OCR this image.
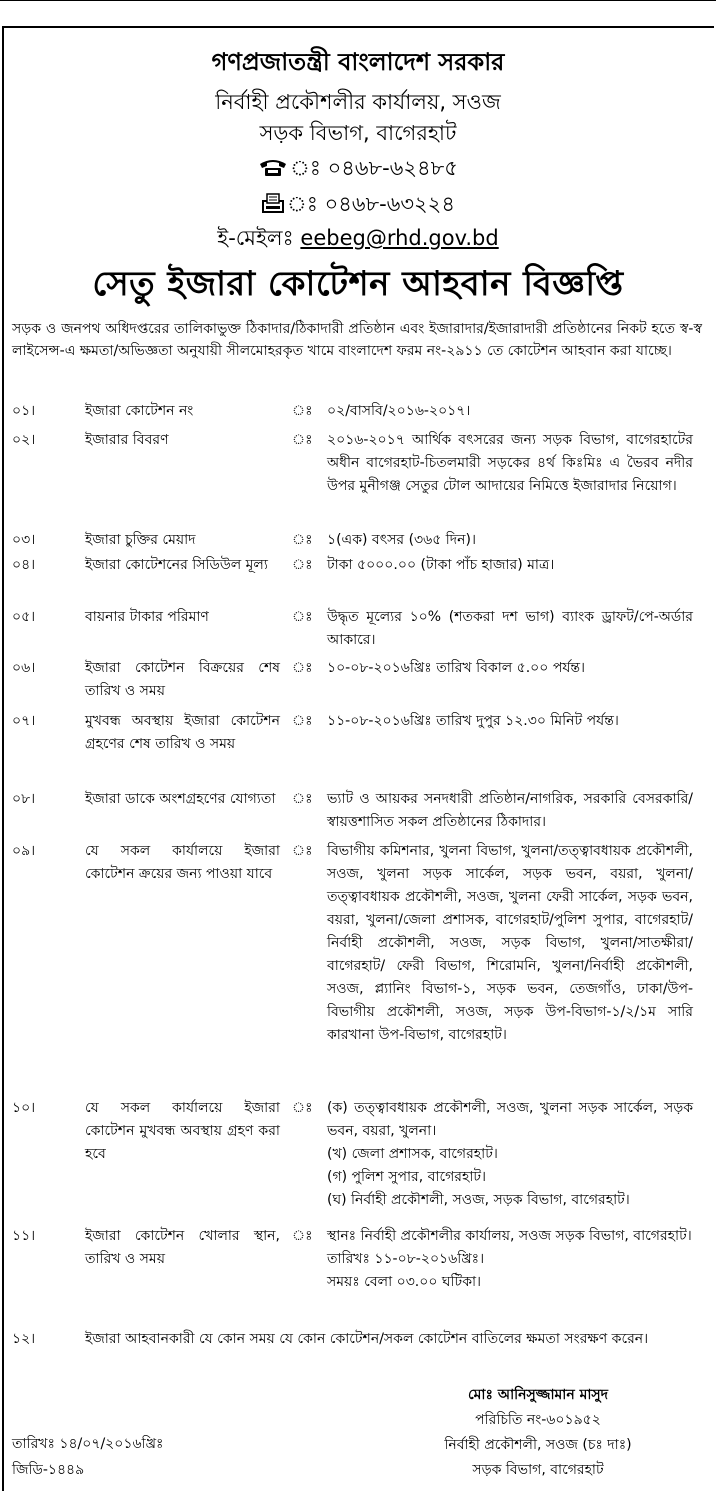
গণপ্রজাতন্ত্রী বাংলাদেশ সরকার
নির্বাহী প্রকৌশলীর কার্যালয়, সওজ
সড়ক বিভাগ, বাগেরহাট
ঃ ০৪৬৮-৬২৪৮৫
ঃ ০৪৬৮-৬৩২২৪
ই-মেইলঃ eebeg@rhd.gov.bd
সেতু ইজারা কোটেশন আহবান বিজ্ঞপ্তি
সড়ক ও জনপথ অধিদপ্তরের তালিকাভুক্ত ঠিকাদার/ঠিকাদারী প্রতিষ্ঠান এবং ইজারাদার/ইজারাদারী প্রতিষ্ঠানের নিকট হতে স্ব-স্ব লাইসেন্স-এ ক্ষমতা/অভিজ্ঞতা অনুযায়ী সীলমোহরকৃত খামে বাংলাদেশ ফরম নং-২৯১১ তে কোটেশন আহবান করা যাচ্ছে।
০১।	ইজারা কোটেশন নং	ঃ ০২/বাসবি/২০১৬-২০১৭।
০২।	ইজারার বিবরণ	ঃ ২০১৬-২০১৭ আর্থিক বৎসরের জন্য সড়ক বিভাগ, বাগেরহাটের অধীন বাগেরহাট-চিতলমারী সড়কের ৪র্থ কিঃমিঃ এ ভৈরব নদীর উপর মুনীগঞ্জ সেতুর টোল আদায়ের নিমিত্তে ইজারাদার নিয়োগ।
০৩।	ইজারা চুক্তির মেয়াদ	ঃ ১(এক) বৎসর (৩৬৫ দিন)।
০৪।	ইজারা কোটেশনের সিডিউল মূল্য	ঃ টাকা ৫০০০.০০ (টাকা পাঁচ হাজার) মাত্র।
০৫।	বায়নার টাকার পরিমাণ	ঃ উদ্ধৃত মূল্যের ১০% (শতকরা দশ ভাগ) ব্যাংক ড্রাফট/পে-অর্ডার আকারে।
০৬।	ইজারা কোটেশন বিক্রয়ের শেষ তারিখ ও সময়
ঃ ১০-০৮-২০১৬খ্রিঃ তারিখ বিকাল ৫.০০ পর্যন্ত।
০৭।	মুখবন্ধ অবস্থায় ইজারা কোটেশন গ্রহণের শেষ তারিখ ও সময়
ঃ ১১-০৮-২০১৬খ্রিঃ তারিখ দুপুর ১২.৩০ মিনিট পর্যন্ত।
০৮।	ইজারা ডাকে অংশগ্রহণের যোগ্যতা	ঃ ভ্যাট ও আয়কর সনদধারী প্রতিষ্ঠান/নাগরিক, সরকারি বেসরকারি/স্বায়ত্তশাসিত সকল প্রতিষ্ঠানের ঠিকাদার।
০৯।	যে সকল কার্যালয়ে ইজারা কোটেশন ক্রয়ের জন্য পাওয়া যাবে
ঃ বিভাগীয় কমিশনার, খুলনা বিভাগ, খুলনা/তত্ত্বাবধায়ক প্রকৌশলী, সওজ, খুলনা সড়ক সার্কেল, সড়ক ভবন, বয়রা, খুলনা/তত্ত্বাবধায়ক প্রকৌশলী, সওজ, খুলনা ফেরী সার্কেল, সড়ক ভবন, বয়রা, খুলনা/জেলা প্রশাসক, বাগেরহাট/পুলিশ সুপার, বাগেরহাট/নির্বাহী প্রকৌশলী, সওজ, সড়ক বিভাগ, খুলনা/সাতক্ষীরা/বাগেরহাট/ ফেরী বিভাগ, শিরোমনি, খুলনা/নির্বাহী প্রকৌশলী, সওজ, প্ল্যানিং বিভাগ-১, সড়ক ভবন, তেজগাঁও, ঢাকা/উপ-বিভাগীয় প্রকৌশলী, সওজ, সড়ক উপ-বিভাগ-১/২/১ম সারি কারখানা উপ-বিভাগ, বাগেরহাট।
১০।	যে সকল কার্যালয়ে ইজারা কোটেশন মুখবন্ধ অবস্থায় গ্রহণ করা হবে
ঃ (ক) তত্ত্বাবধায়ক প্রকৌশলী, সওজ, খুলনা সড়ক সার্কেল, সড়ক ভবন, বয়রা, খুলনা।
(খ) জেলা প্রশাসক, বাগেরহাট।
(গ) পুলিশ সুপার, বাগেরহাট।
(ঘ) নির্বাহী প্রকৌশলী, সওজ, সড়ক বিভাগ, বাগেরহাট।
১১।	ইজারা কোটেশন খোলার স্থান, তারিখ ও সময়
ঃ স্থানঃ নির্বাহী প্রকৌশলীর কার্যালয়, সওজ সড়ক বিভাগ, বাগেরহাট।
তারিখঃ ১১-০৮-২০১৬খ্রিঃ।
সময়ঃ বেলা ০৩.০০ ঘটিকা।
১২।	ইজারা আহবানকারী যে কোন সময় যে কোন কোটেশন/সকল কোটেশন বাতিলের ক্ষমতা সংরক্ষণ করেন।
মোঃ আনিসুজ্জামান মাসুদ
পরিচিতি নং-৬০১৯৫২
নির্বাহী প্রকৌশলী, সওজ (চঃ দাঃ)
সড়ক বিভাগ, বাগেরহাট
তারিখঃ ১৪/০৭/২০১৬খ্রিঃ
জিডি-১৪৪৯
